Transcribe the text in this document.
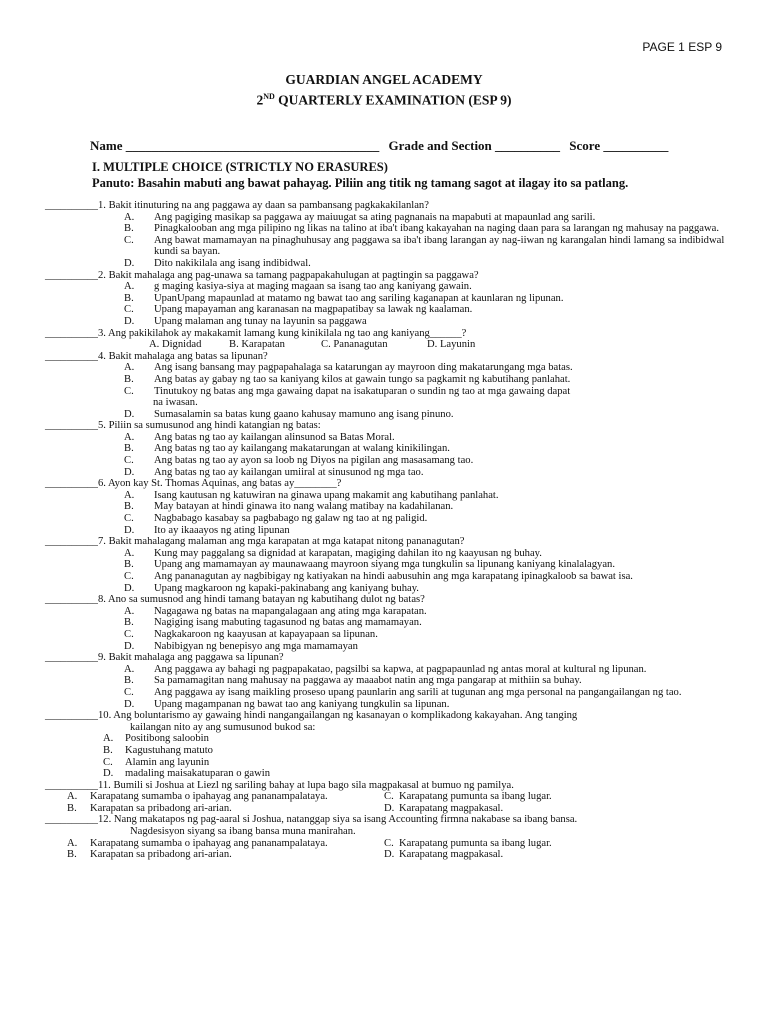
PAGE 1 ESP 9
GUARDIAN ANGEL ACADEMY
2ND QUARTERLY EXAMINATION (ESP 9)
Name _______________________________________ Grade and Section __________ Score __________
I. MULTIPLE CHOICE (STRICTLY NO ERASURES)
Panuto: Basahin mabuti ang bawat pahayag. Piliin ang titik ng tamang sagot at ilagay ito sa patlang.
__________1. Bakit itinuturing na ang paggawa ay daan sa pambansang pagkakakilanlan?
A. Ang pagiging masikap sa paggawa ay maiuugat sa ating pagnanais na mapabuti at mapaunlad ang sarili.
B. Pinagkalooban ang mga pilipino ng likas na talino at iba't ibang kakayahan na naging daan para sa larangan ng mahusay na paggawa.
C. Ang bawat mamamayan na pinaghuhusay ang paggawa sa iba't ibang larangan ay nag-iiwan ng karangalan hindi lamang sa indibidwal kundi sa bayan.
D. Dito nakikilala ang isang indibidwal.
__________2. Bakit mahalaga ang pag-unawa sa tamang pagpapakahulugan at pagtingin sa paggawa?
A. g maging kasiya-siya at maging magaan sa isang tao ang kaniyang gawain.
B. UpanUpang mapaunlad at matamo ng bawat tao ang sariling kaganapan at kaunlaran ng lipunan.
C. Upang mapayaman ang karanasan na magpapatibay sa lawak ng kaalaman.
D. Upang malaman ang tunay na layunin sa paggawa
__________3. Ang pakikilahok ay makakamit lamang kung kinikilala ng tao ang kaniyang______?
A. Dignidad	B. Karapatan	C. Pananagutan	D. Layunin
__________4. Bakit mahalaga ang batas sa lipunan?
A. Ang isang bansang may pagpapahalaga sa katarungan ay mayroon ding makatarungang mga batas.
B. Ang batas ay gabay ng tao sa kaniyang kilos at gawain tungo sa pagkamit ng kabutihang panlahat.
C. Tinutukoy ng batas ang mga gawaing dapat na isakatuparan o sundin ng tao at mga gawaing dapat
na iwasan.
D. Sumasalamin sa batas kung gaano kahusay mamuno ang isang pinuno.
__________5. Piliin sa sumusunod ang hindi katangian ng batas:
A. Ang batas ng tao ay kailangan alinsunod sa Batas Moral.
B. Ang batas ng tao ay kailangang makatarungan at walang kinikilingan.
C. Ang batas ng tao ay ayon sa loob ng Diyos na pigilan ang masasamang tao.
D. Ang batas ng tao ay kailangan umiiral at sinusunod ng mga tao.
__________6. Ayon kay St. Thomas Aquinas, ang batas ay________?
A. Isang kautusan ng katuwiran na ginawa upang makamit ang kabutihang panlahat.
B. May batayan at hindi ginawa ito nang walang matibay na kadahilanan.
C. Nagbabago kasabay sa pagbabago ng galaw ng tao at ng paligid.
D. Ito ay ikaaayos ng ating lipunan
__________7. Bakit mahalagang malaman ang mga karapatan at mga katapat nitong pananagutan?
A. Kung may paggalang sa dignidad at karapatan, magiging dahilan ito ng kaayusan ng buhay.
B. Upang ang mamamayan ay maunawaang mayroon siyang mga tungkulin sa lipunang kaniyang kinalalagyan.
C. Ang pananagutan ay nagbibigay ng katiyakan na hindi aabusuhin ang mga karapatang ipinagkaloob sa bawat isa.
D. Upang magkaroon ng kapaki-pakinabang ang kaniyang buhay.
__________8. Ano sa sumusnod ang hindi tamang batayan ng kabutihang dulot ng batas?
A. Nagagawa ng batas na mapangalagaan ang ating mga karapatan.
B. Nagiging isang mabuting tagasunod ng batas ang mamamayan.
C. Nagkakaroon ng kaayusan at kapayapaan sa lipunan.
D. Nabibigyan ng benepisyo ang mga mamamayan
__________9. Bakit mahalaga ang paggawa sa lipunan?
A. Ang paggawa ay bahagi ng pagpapakatao, pagsilbi sa kapwa, at pagpapaunlad ng antas moral at kultural ng lipunan.
B. Sa pamamagitan nang mahusay na paggawa ay maaabot natin ang mga pangarap at mithiin sa buhay.
C. Ang paggawa ay isang maikling proseso upang paunlarin ang sarili at tugunan ang mga personal na pangangailangan ng tao.
D. Upang magampanan ng bawat tao ang kaniyang tungkulin sa lipunan.
__________10. Ang boluntarismo ay gawaing hindi nangangailangan ng kasanayan o komplikadong kakayahan. Ang tanging
kailangan nito ay ang sumusunod bukod sa:
A. Positibong saloobin
B. Kagustuhang matuto
C. Alamin ang layunin
D. madaling maisakatuparan o gawin
__________11. Bumili si Joshua at Liezl ng sariling bahay at lupa bago sila magpakasal at bumuo ng pamilya.
A. Karapatang sumamba o ipahayag ang pananampalataya.	C. Karapatang pumunta sa ibang lugar.
B. Karapatan sa pribadong ari-arian.	D. Karapatang magpakasal.
__________12. Nang makatapos ng pag-aaral si Joshua, natanggap siya sa isang Accounting firmna nakabase sa ibang bansa.
Nagdesisyon siyang sa ibang bansa muna manirahan.
A. Karapatang sumamba o ipahayag ang pananampalataya.	C. Karapatang pumunta sa ibang lugar.
B. Karapatan sa pribadong ari-arian.	D. Karapatang magpakasal.
